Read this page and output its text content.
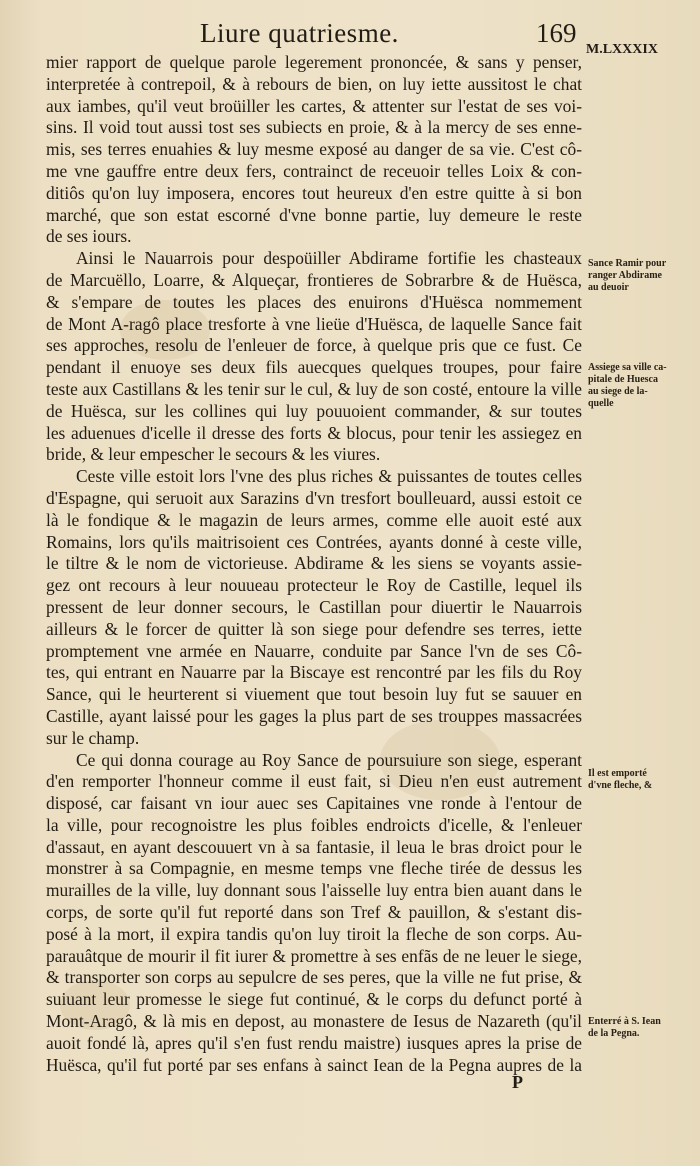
Liure quatriesme.	169
M.LXXXIX
mier rapport de quelque parole legerement prononcée, & sans y penser,
interpretée à contrepoil, & à rebours de bien, on luy iette aussitost le chat
aux iambes, qu'il veut broüiller les cartes, & attenter sur l'estat de ses voi-
sins. Il void tout aussi tost ses subiects en proie, & à la mercy de ses enne-
mis, ses terres enuahies & luy mesme exposé au danger de sa vie. C'est cô-
me vne gauffre entre deux fers, contrainct de receuoir telles Loix & con-
ditiôs qu'on luy imposera, encores tout heureux d'en estre quitte à si bon
marché, que son estat escorné d'vne bonne partie, luy demeure le reste
de ses iours.
Ainsi le Nauarrois pour despoüiller Abdirame fortifie les chasteaux
de Marcuëllo, Loarre, & Alqueçar, frontieres de Sobrarbre & de Huësca,
& s'empare de toutes les places des enuirons d'Huësca nommement
de Mont A-ragô place tresforte à vne lieüe d'Huësca, de laquelle Sance fait
ses approches, resolu de l'enleuer de force, à quelque pris que ce fust. Ce
pendant il enuoye ses deux fils auecques quelques troupes, pour faire
teste aux Castillans & les tenir sur le cul, & luy de son costé, entoure la ville
de Huësca, sur les collines qui luy pouuoient commander, & sur toutes
les aduenues d'icelle il dresse des forts & blocus, pour tenir les assiegez en
bride, & leur empescher le secours & les viures.
Ceste ville estoit lors l'vne des plus riches & puissantes de toutes celles
d'Espagne, qui seruoit aux Sarazins d'vn tresfort boulleuard, aussi estoit ce
là le fondique & le magazin de leurs armes, comme elle auoit esté aux
Romains, lors qu'ils maitrisoient ces Contrées, ayants donné à ceste ville,
le tiltre & le nom de victorieuse. Abdirame & les siens se voyants assie-
gez ont recours à leur nouueau protecteur le Roy de Castille, lequel ils
pressent de leur donner secours, le Castillan pour diuertir le Nauarrois
ailleurs & le forcer de quitter là son siege pour defendre ses terres, iette
promptement vne armée en Nauarre, conduite par Sance l'vn de ses Cô-
tes, qui entrant en Nauarre par la Biscaye est rencontré par les fils du Roy
Sance, qui le heurterent si viuement que tout besoin luy fut se sauuer en
Castille, ayant laissé pour les gages la plus part de ses trouppes massacrées
sur le champ.
Ce qui donna courage au Roy Sance de poursuiure son siege, esperant
d'en remporter l'honneur comme il eust fait, si Dieu n'en eust autrement
disposé, car faisant vn iour auec ses Capitaines vne ronde à l'entour de
la ville, pour recognoistre les plus foibles endroicts d'icelle, & l'enleuer
d'assaut, en ayant descouuert vn à sa fantasie, il leua le bras droict pour le
monstrer à sa Compagnie, en mesme temps vne fleche tirée de dessus les
murailles de la ville, luy donnant sous l'aisselle luy entra bien auant dans le
corps, de sorte qu'il fut reporté dans son Tref & pauillon, & s'estant dis-
posé à la mort, il expira tandis qu'on luy tiroit la fleche de son corps. Au-
parauâtque de mourir il fit iurer & promettre à ses enfãs de ne leuer le siege,
& transporter son corps au sepulcre de ses peres, que la ville ne fut prise, &
suiuant leur promesse le siege fut continué, & le corps du defunct porté à
Mont-Aragô, & là mis en depost, au monastere de Iesus de Nazareth (qu'il
auoit fondé là, apres qu'il s'en fust rendu maistre) iusques apres la prise de
Huësca, qu'il fut porté par ses enfans à sainct Iean de la Pegna aupres de la
Sance Ramir pour
ranger Abdirame
au deuoir
Assiege sa ville ca-
pitale de Huesca
au siege de la-
quelle
Il est emporté
d'vne fleche, &
Enterré à S. Iean
de la Pegna.
P
